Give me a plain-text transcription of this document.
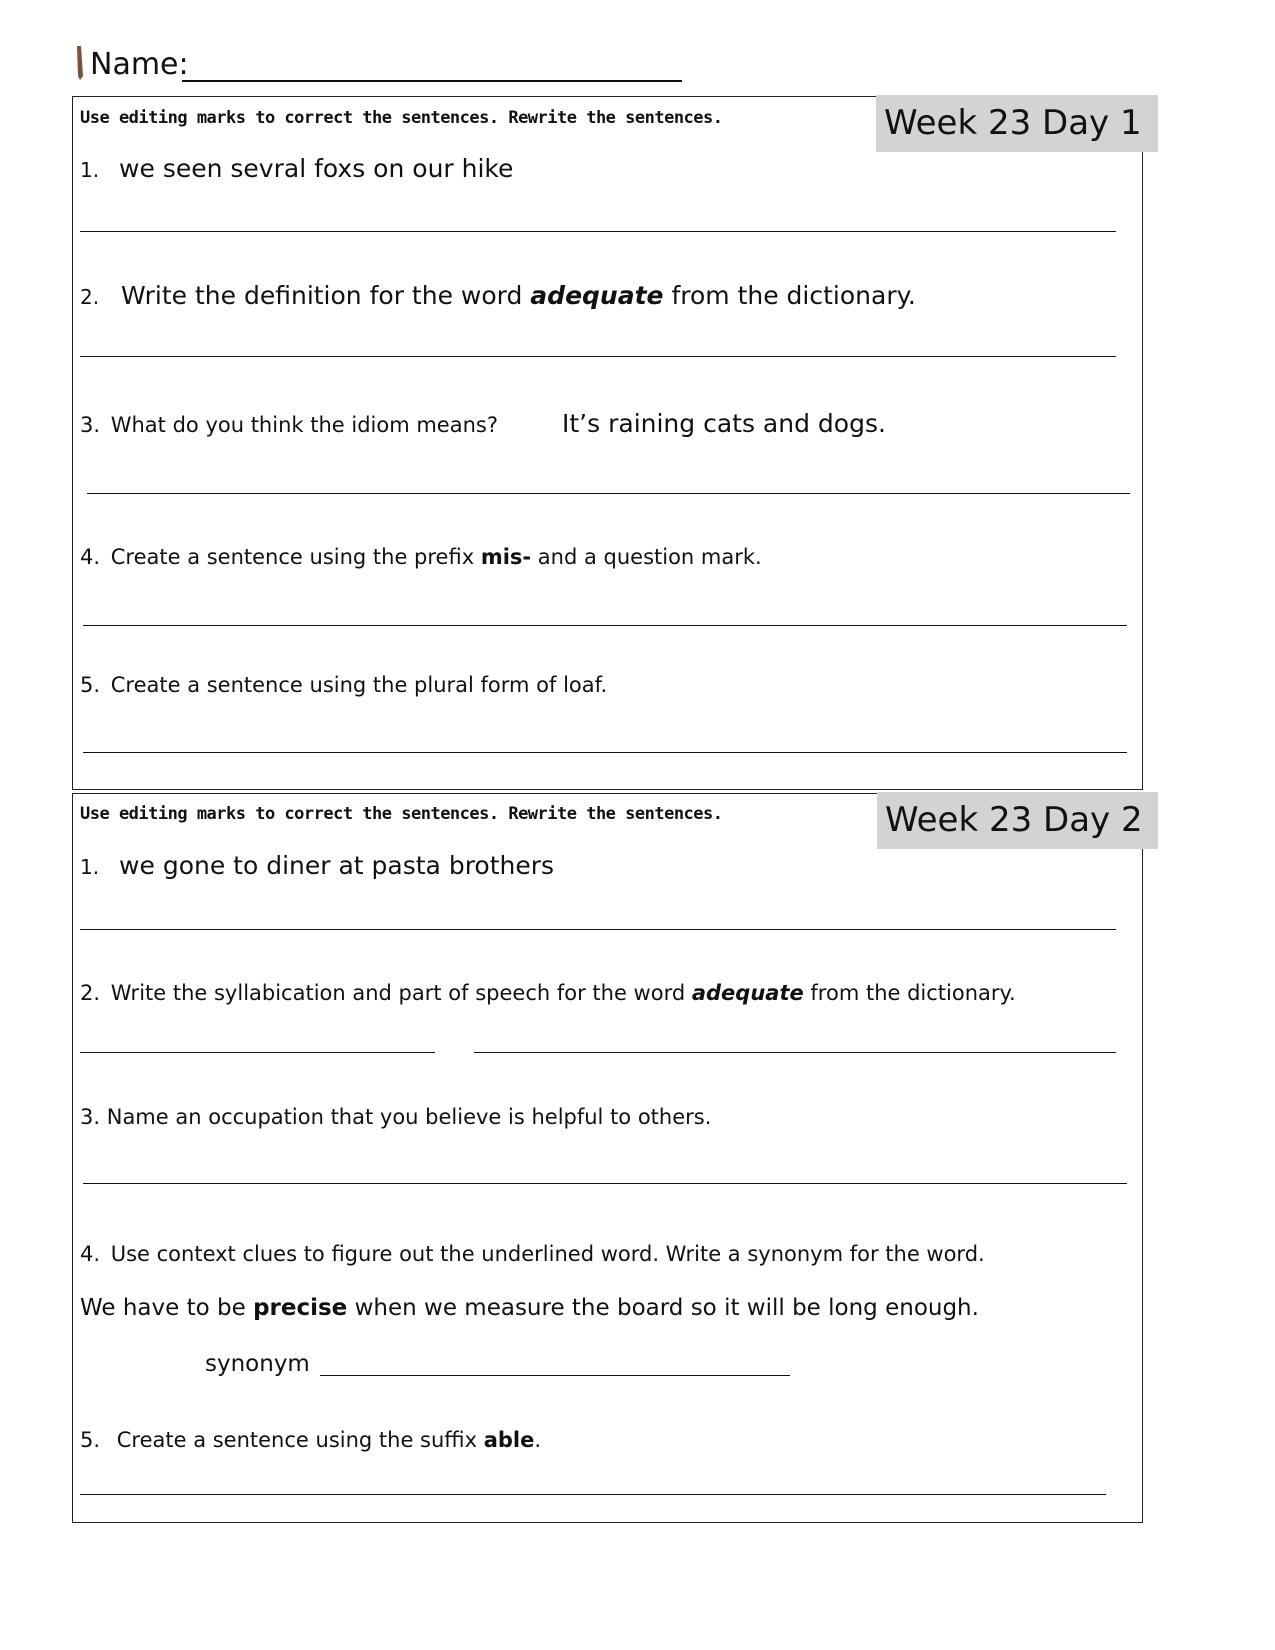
Name:
Week 23 Day 1
Use editing marks to correct the sentences. Rewrite the sentences.
1. we seen sevral foxs on our hike
2. Write the definition for the word adequate from the dictionary.
3. What do you think the idiom means?	It’s raining cats and dogs.
4. Create a sentence using the prefix mis- and a question mark.
5. Create a sentence using the plural form of loaf.
Week 23 Day 2
Use editing marks to correct the sentences. Rewrite the sentences.
1. we gone to diner at pasta brothers
2. Write the syllabication and part of speech for the word adequate from the dictionary.
3. Name an occupation that you believe is helpful to others.
4. Use context clues to figure out the underlined word. Write a synonym for the word.
We have to be precise when we measure the board so it will be long enough.
synonym
5. Create a sentence using the suffix able.
